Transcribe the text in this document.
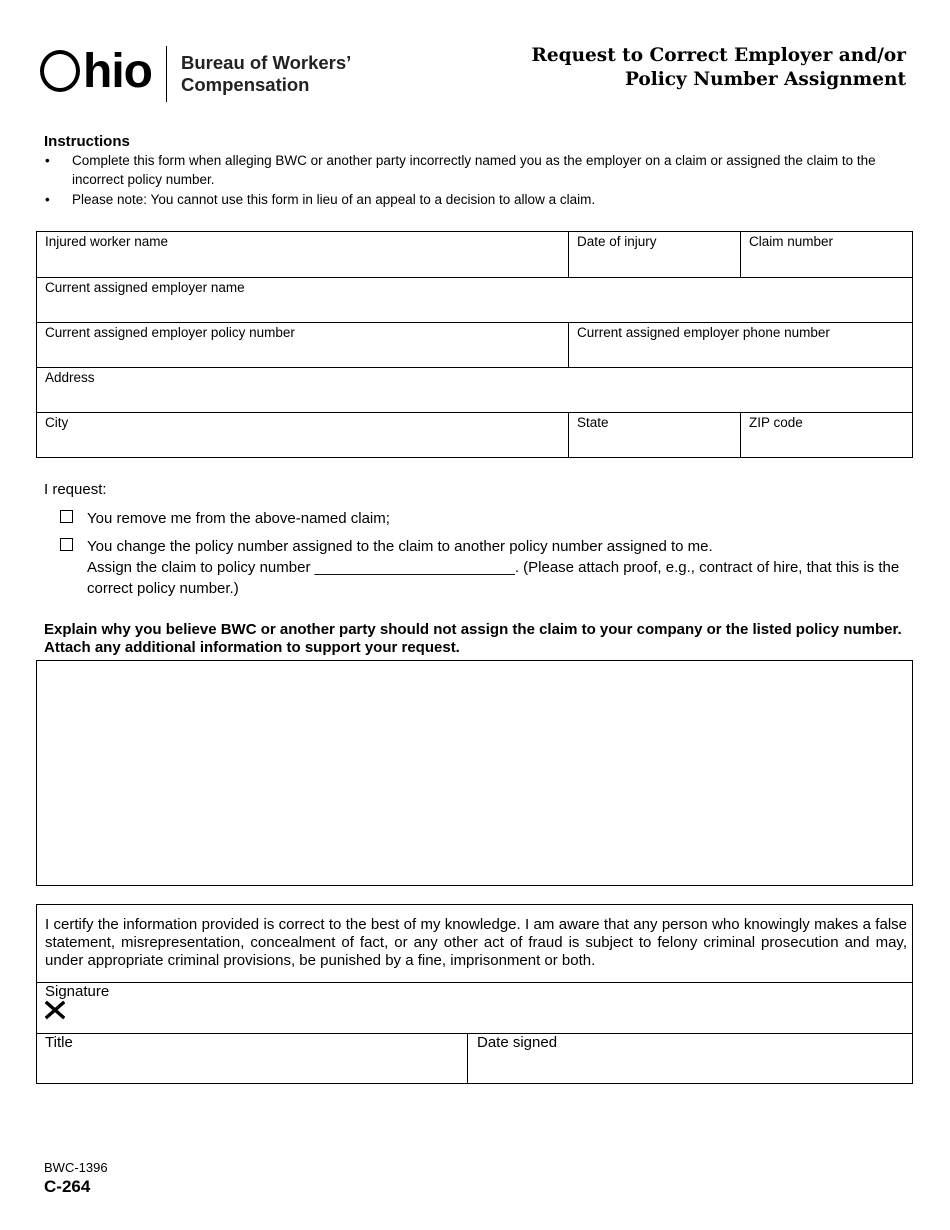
hio Bureau of Workers’
Compensation
Request to Correct Employer and/or
Policy Number Assignment
Instructions
• Complete this form when alleging BWC or another party incorrectly named you as the employer on a claim or assigned the claim to the incorrect policy number.
• Please note: You cannot use this form in lieu of an appeal to a decision to allow a claim.
Injured worker name	Date of injury	Claim number
Current assigned employer name
Current assigned employer policy number	Current assigned employer phone number
Address
City	State	ZIP code
I request:
You remove me from the above-named claim;
You change the policy number assigned to the claim to another policy number assigned to me.
Assign the claim to policy number ________________________. (Please attach proof, e.g., contract of hire, that this is the correct policy number.)
Explain why you believe BWC or another party should not assign the claim to your company or the listed policy number. Attach any additional information to support your request.
I certify the information provided is correct to the best of my knowledge. I am aware that any person who knowingly makes a false statement, misrepresentation, concealment of fact, or any other act of fraud is subject to felony criminal prosecution and may, under appropriate criminal provisions, be punished by a fine, imprisonment or both.
Signature
Title	Date signed
BWC-1396
C-264
